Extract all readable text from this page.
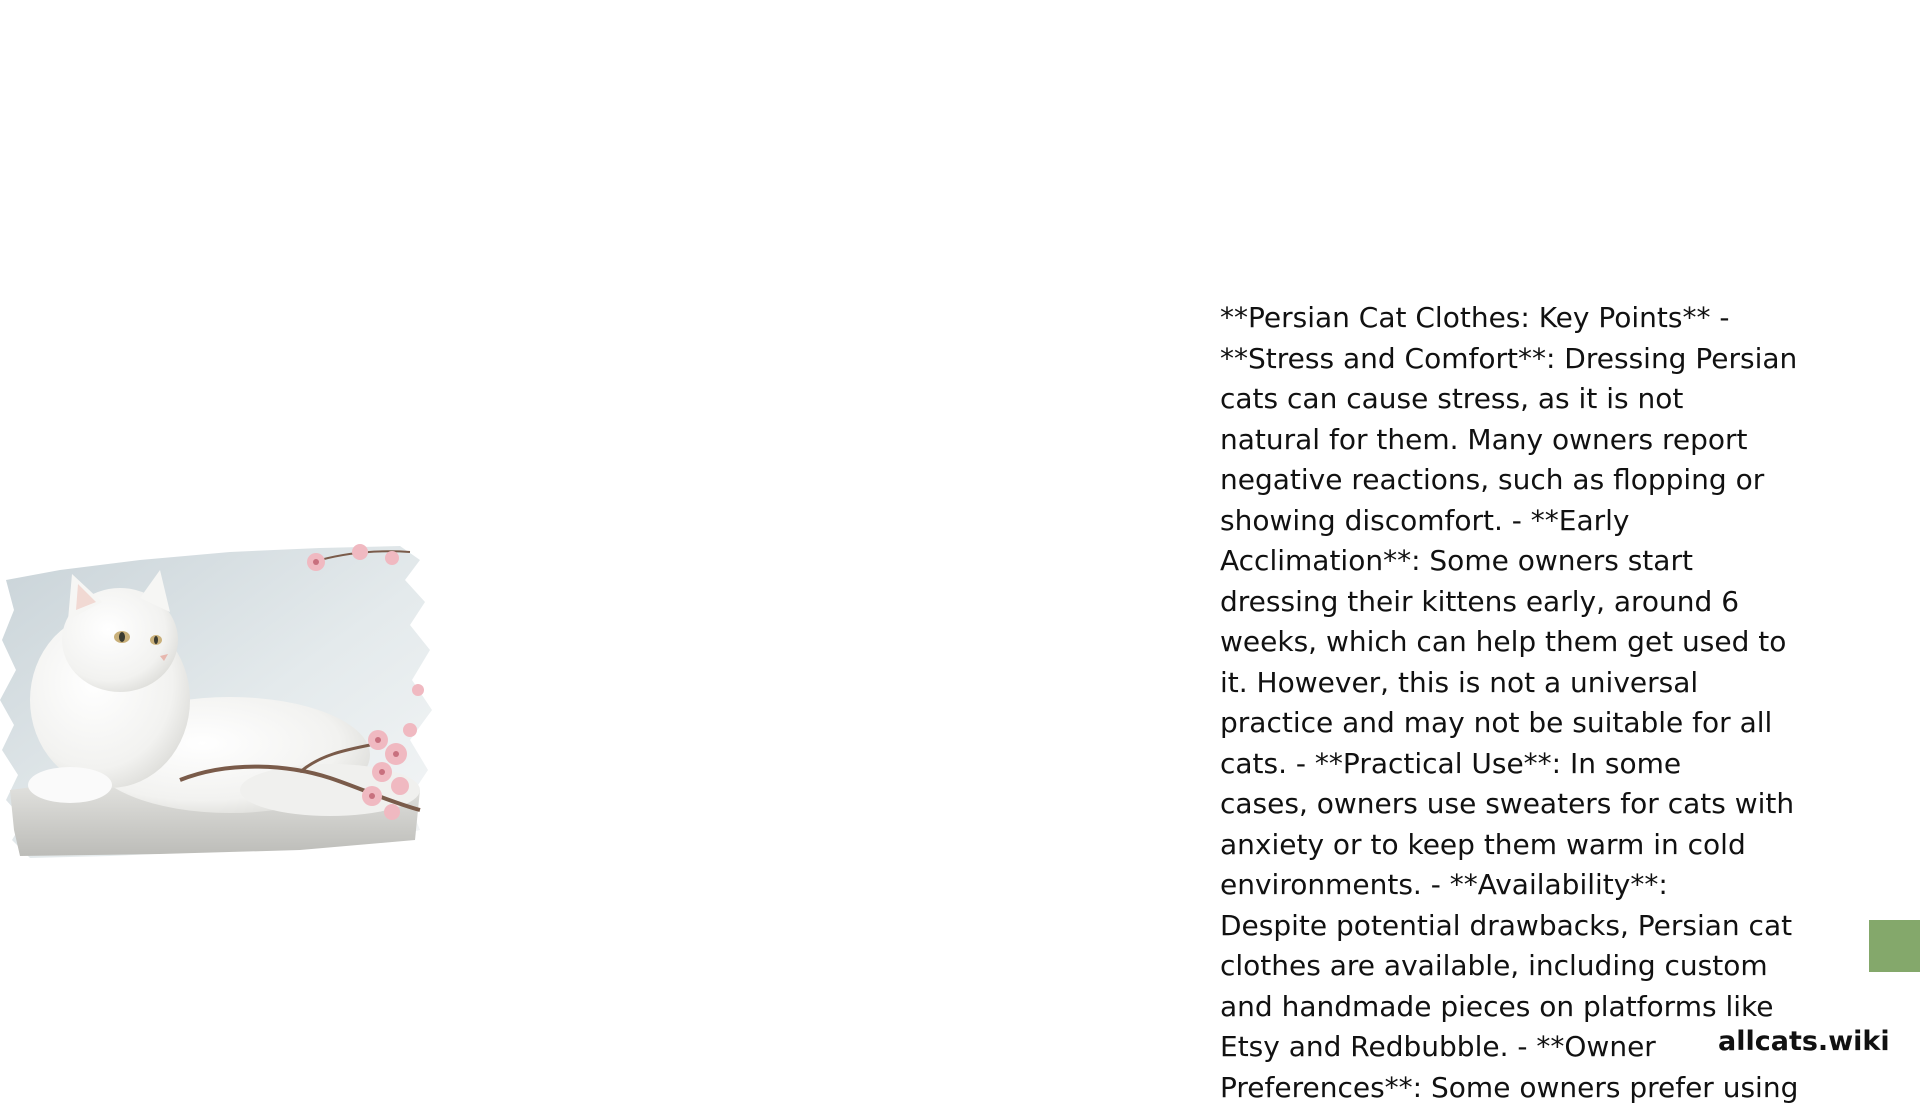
**Persian Cat Clothes: Key Points** -
**Stress and Comfort**: Dressing Persian
cats can cause stress, as it is not
natural for them. Many owners report
negative reactions, such as flopping or
showing discomfort. - **Early
Acclimation**: Some owners start
dressing their kittens early, around 6
weeks, which can help them get used to
it. However, this is not a universal
practice and may not be suitable for all
cats. - **Practical Use**: In some
cases, owners use sweaters for cats with
anxiety or to keep them warm in cold
environments. - **Availability**:
Despite potential drawbacks, Persian cat
clothes are available, including custom
and handmade pieces on platforms like
Etsy and Redbubble. - **Owner
Preferences**: Some owners prefer using
allcats.wiki
